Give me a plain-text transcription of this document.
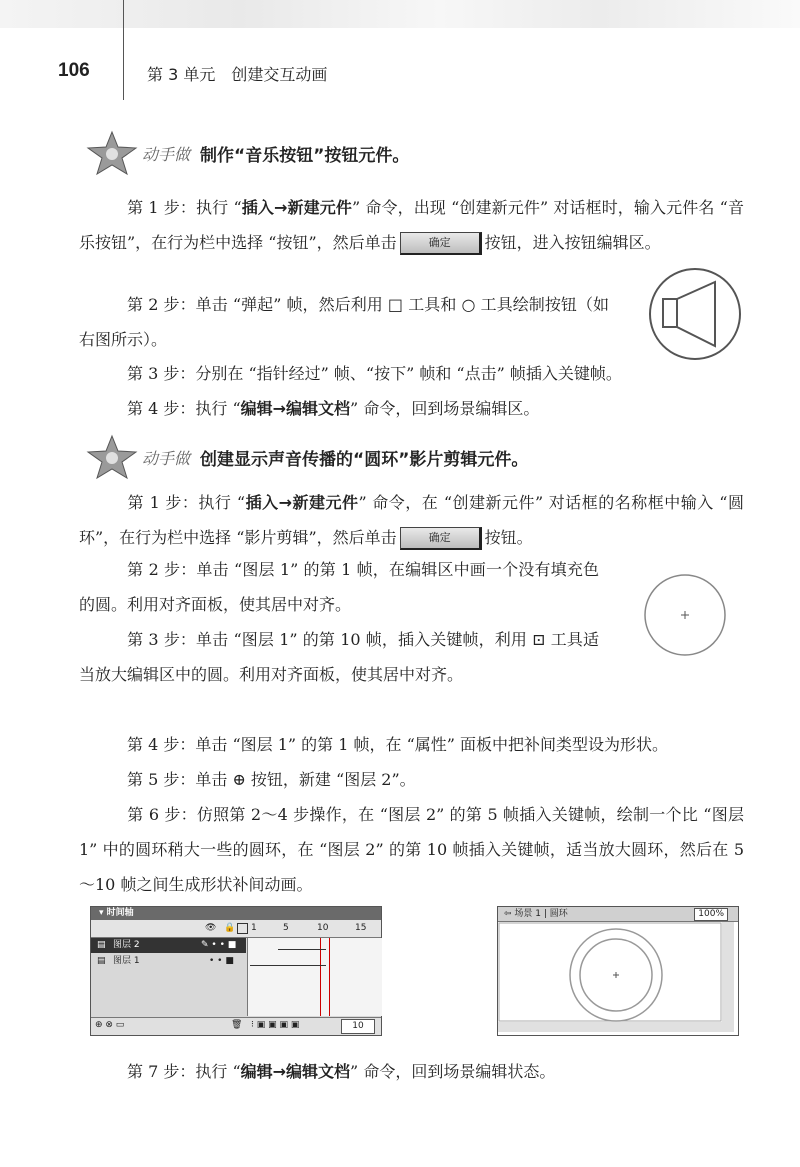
106	第 3 单元　创建交互动画
动手做 制作“音乐按钮”按钮元件。

第 1 步：执行 “插入→新建元件” 命令，出现 “创建新元件” 对话框时，输入元件名 “音乐按钮”，在行为栏中选择 “按钮”，然后单击	确定 按钮，进入按钮编辑区。

第 2 步：单击 “弹起” 帧，然后利用 □ 工具和 ○ 工具绘制按钮（如右图所示）。

第 3 步：分别在 “指针经过” 帧、“按下” 帧和 “点击” 帧插入关键帧。

第 4 步：执行 “编辑→编辑文档” 命令，回到场景编辑区。

动手做 创建显示声音传播的“圆环”影片剪辑元件。

第 1 步：执行 “插入→新建元件” 命令，在 “创建新元件” 对话框的名称框中输入 “圆环”，在行为栏中选择 “影片剪辑”，然后单击	确定 按钮。

第 2 步：单击 “图层 1” 的第 1 帧，在编辑区中画一个没有填充色的圆。利用对齐面板，使其居中对齐。

第 3 步：单击 “图层 1” 的第 10 帧，插入关键帧，利用 ⊡ 工具适当放大编辑区中的圆。利用对齐面板，使其居中对齐。

第 4 步：单击 “图层 1” 的第 1 帧，在 “属性” 面板中把补间类型设为形状。

第 5 步：单击 ⊕ 按钮，新建 “图层 2”。

第 6 步：仿照第 2～4 步操作，在 “图层 2” 的第 5 帧插入关键帧，绘制一个比 “图层 1” 中的圆环稍大一些的圆环，在 “图层 2” 的第 10 帧插入关键帧，适当放大圆环，然后在 5～10 帧之间生成形状补间动画。

▾ 时间轴
👁 🔒 1	5	10	15
▤ 图层 2	✎ • • ■
▤ 图层 1	• • ■
⊕ ⊗ ▭	🗑 ⁝ ▣ ▣ ▣ ▣	10
⇦ 场景 1 | 圆环	100%

第 7 步：执行 “编辑→编辑文档” 命令，回到场景编辑状态。
